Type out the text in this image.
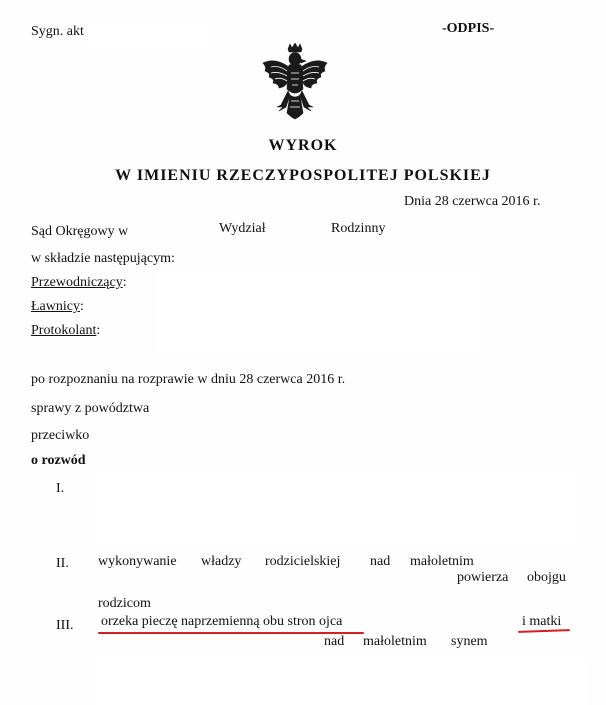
Sygn. akt	-ODPIS-
WYROK
W IMIENIU RZECZYPOSPOLITEJ POLSKIEJ
Dnia 28 czerwca 2016 r.
Sąd Okręgowy w	Wydział	Rodzinny
w składzie następującym:
Przewodniczący:
Ławnicy:
Protokolant:
po rozpoznaniu na rozprawie w dniu 28 czerwca 2016 r.
sprawy z powództwa
przeciwko
o rozwód
I.
II. wykonywanie władzy rodzicielskiej nad małoletnim
powierza obojgu
rodzicom
III. orzeka pieczę naprzemienną obu stron ojca	i matki
nad małoletnim synem
